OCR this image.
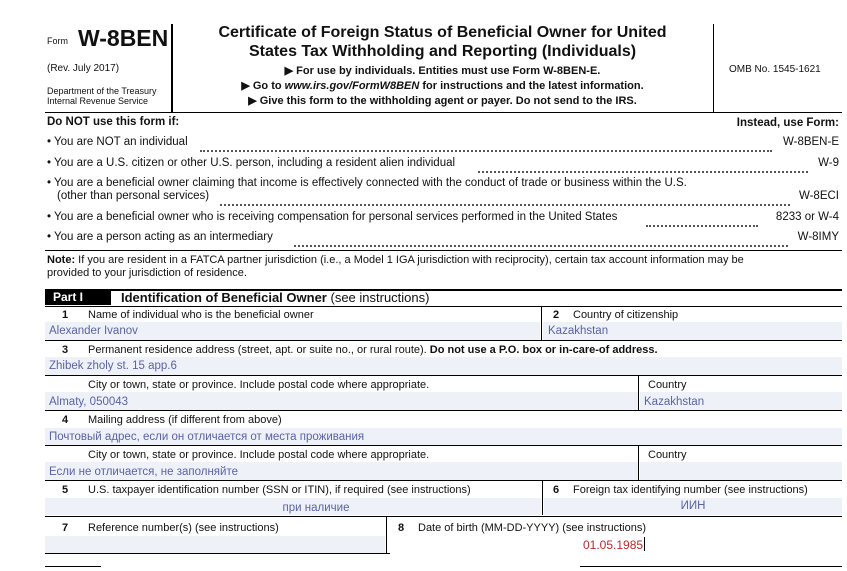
Form W-8BEN
(Rev. July 2017)
Department of the Treasury
Internal Revenue Service
Certificate of Foreign Status of Beneficial Owner for United
States Tax Withholding and Reporting (Individuals)
▶ For use by individuals. Entities must use Form W-8BEN-E.
▶ Go to www.irs.gov/FormW8BEN for instructions and the latest information.
▶ Give this form to the withholding agent or payer. Do not send to the IRS.
OMB No. 1545-1621
Do NOT use this form if:	Instead, use Form:
• You are NOT an individual	W-8BEN-E
• You are a U.S. citizen or other U.S. person, including a resident alien individual	W-9
• You are a beneficial owner claiming that income is effectively connected with the conduct of trade or business within the U.S.
(other than personal services)	W-8ECI
• You are a beneficial owner who is receiving compensation for personal services performed in the United States	8233 or W-4
• You are a person acting as an intermediary	W-8IMY
Note: If you are resident in a FATCA partner jurisdiction (i.e., a Model 1 IGA jurisdiction with reciprocity), certain tax account information may be
provided to your jurisdiction of residence.
Part I	Identification of Beneficial Owner (see instructions)
1 Name of individual who is the beneficial owner
Alexander Ivanov
2 Country of citizenship
Kazakhstan
3 Permanent residence address (street, apt. or suite no., or rural route). Do not use a P.O. box or in-care-of address.
Zhibek zholy st. 15 app.6
City or town, state or province. Include postal code where appropriate.
Almaty, 050043
Country
Kazakhstan
4 Mailing address (if different from above)
Почтовый адрес, если он отличается от места проживания
City or town, state or province. Include postal code where appropriate.
Если не отличается, не заполняйте
Country
5 U.S. taxpayer identification number (SSN or ITIN), if required (see instructions)
при наличие
6 Foreign tax identifying number (see instructions)
ИИН
7 Reference number(s) (see instructions)	8 Date of birth (MM-DD-YYYY) (see instructions)
01.05.1985
